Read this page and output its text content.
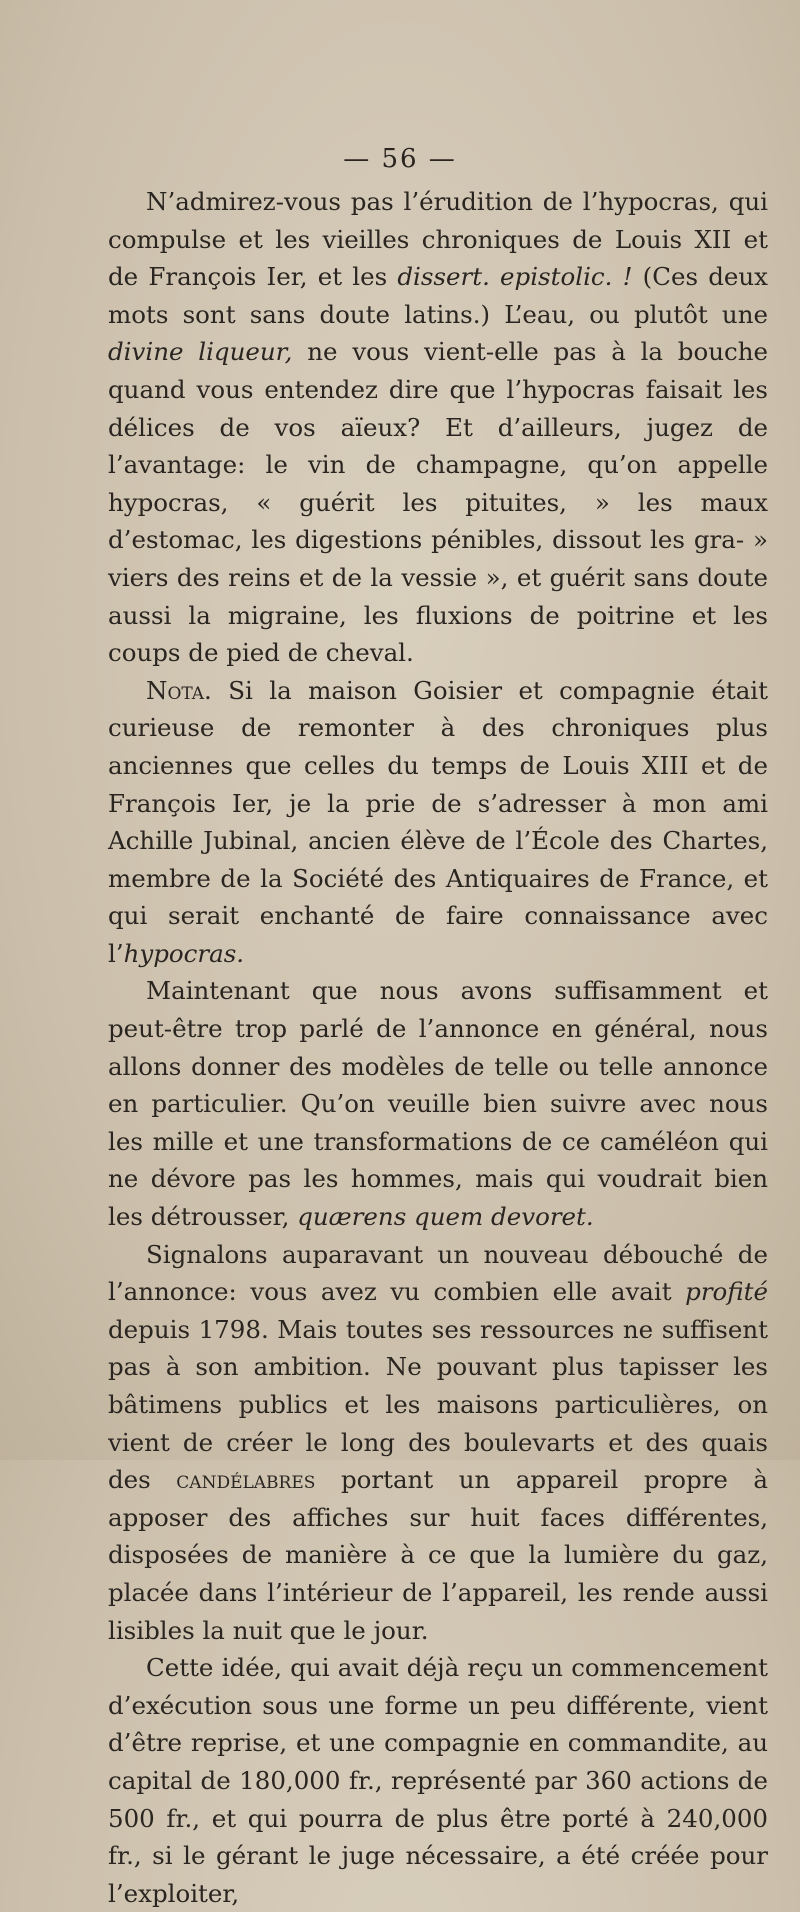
— 56 —

N’admirez-vous pas l’érudition de l’hypocras, qui compulse et les vieilles chroniques de Louis XII et de François Ier, et les dissert. epistolic. ! (Ces deux mots sont sans doute latins.) L’eau, ou plutôt une divine liqueur, ne vous vient-elle pas à la bouche quand vous entendez dire que l’hypocras faisait les délices de vos aïeux? Et d’ailleurs, jugez de l’avantage: le vin de champagne, qu’on appelle hypocras, « guérit les pituites, » les maux d’estomac, les digestions pénibles, dissout les gra- » viers des reins et de la vessie », et guérit sans doute aussi la migraine, les fluxions de poitrine et les coups de pied de cheval.

Nota. Si la maison Goisier et compagnie était curieuse de remonter à des chroniques plus anciennes que celles du temps de Louis XIII et de François Ier, je la prie de s’adresser à mon ami Achille Jubinal, ancien élève de l’École des Chartes, membre de la Société des Antiquaires de France, et qui serait enchanté de faire connaissance avec l’hypocras.

Maintenant que nous avons suffisamment et peut-être trop parlé de l’annonce en général, nous allons donner des modèles de telle ou telle annonce en particulier. Qu’on veuille bien suivre avec nous les mille et une transformations de ce caméléon qui ne dévore pas les hommes, mais qui voudrait bien les détrousser, quærens quem devoret.

Signalons auparavant un nouveau débouché de l’annonce: vous avez vu combien elle avait profité depuis 1798. Mais toutes ses ressources ne suffisent pas à son ambition. Ne pouvant plus tapisser les bâtimens publics et les maisons particulières, on vient de créer le long des boulevarts et des quais des candélabres portant un appareil propre à apposer des affiches sur huit faces différentes, disposées de manière à ce que la lumière du gaz, placée dans l’intérieur de l’appareil, les rende aussi lisibles la nuit que le jour.

Cette idée, qui avait déjà reçu un commencement d’exécution sous une forme un peu différente, vient d’être reprise, et une compagnie en commandite, au capital de 180,000 fr., représenté par 360 actions de 500 fr., et qui pourra de plus être porté à 240,000 fr., si le gérant le juge nécessaire, a été créée pour l’exploiter,
